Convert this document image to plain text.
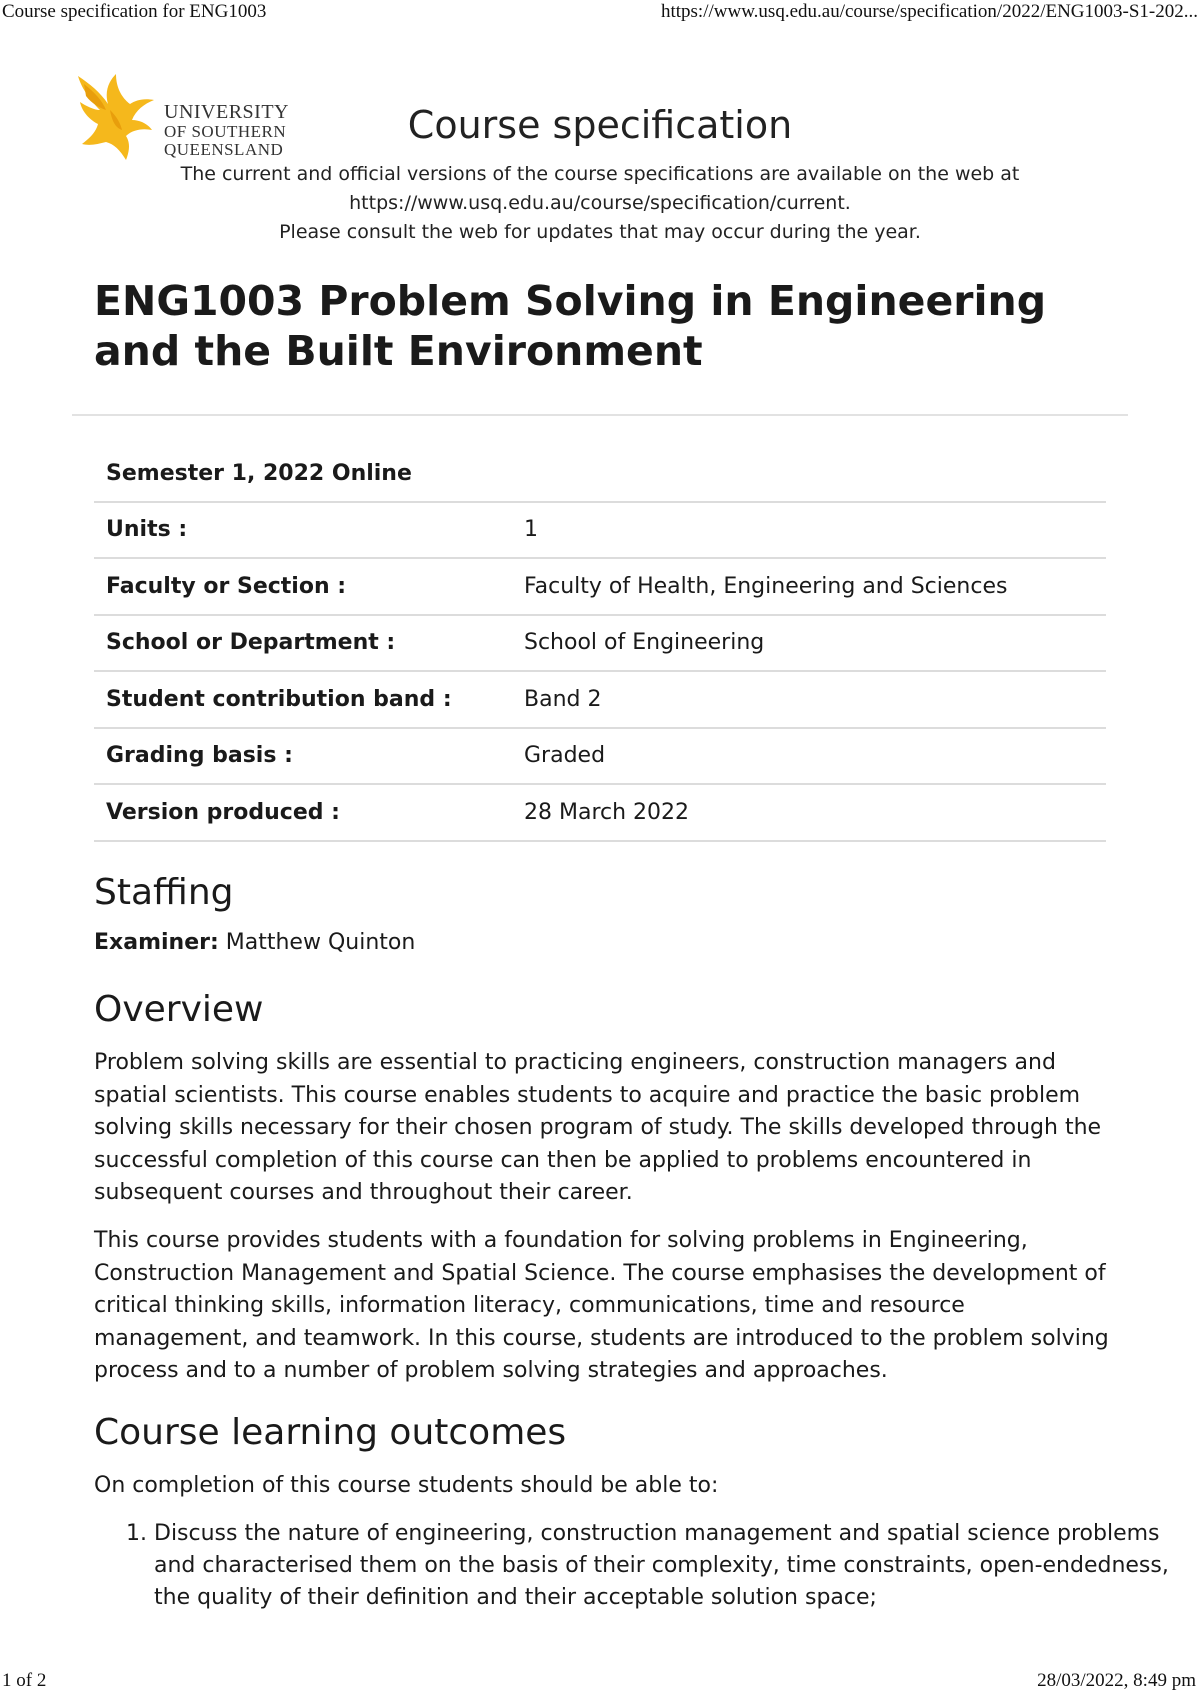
Course specification for ENG1003	https://www.usq.edu.au/course/specification/2022/ENG1003-S1-202...
UNIVERSITY
OF SOUTHERN
QUEENSLAND
Course specification
The current and official versions of the course specifications are available on the web at
https://www.usq.edu.au/course/specification/current.
Please consult the web for updates that may occur during the year.
ENG1003 Problem Solving in Engineering and the Built Environment
Semester 1, 2022 Online	
Units :	1
Faculty or Section :	Faculty of Health, Engineering and Sciences
School or Department :	School of Engineering
Student contribution band :	Band 2
Grading basis :	Graded
Version produced :	28 March 2022
Staffing
Examiner: Matthew Quinton
Overview

Problem solving skills are essential to practicing engineers, construction managers and spatial scientists. This course enables students to acquire and practice the basic problem solving skills necessary for their chosen program of study. The skills developed through the successful completion of this course can then be applied to problems encountered in subsequent courses and throughout their career.

This course provides students with a foundation for solving problems in Engineering, Construction Management and Spatial Science. The course emphasises the development of critical thinking skills, information literacy, communications, time and resource management, and teamwork. In this course, students are introduced to the problem solving process and to a number of problem solving strategies and approaches.

Course learning outcomes

On completion of this course students should be able to:

1. Discuss the nature of engineering, construction management and spatial science problems and characterised them on the basis of their complexity, time constraints, open-endedness, the quality of their definition and their acceptable solution space;
1 of 2	28/03/2022, 8:49 pm
